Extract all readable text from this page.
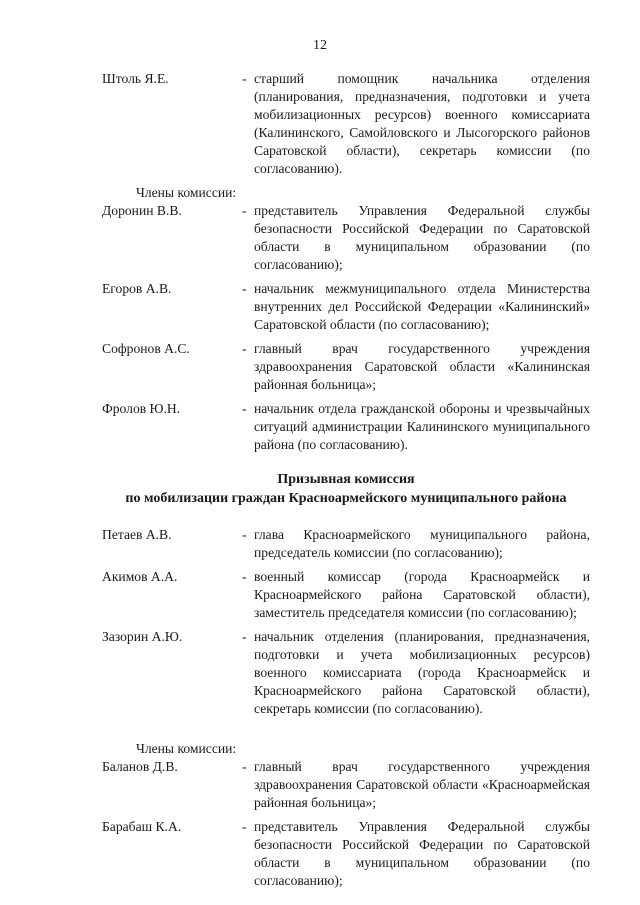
12
Штоль Я.Е.	- старший помощник начальника отделения (планирования, предназначения, подготовки и учета мобилизационных ресурсов) военного комиссариата (Калининского, Самойловского и Лысогорского районов Саратовской области), секретарь комиссии (по согласованию).
Члены комиссии:
Доронин В.В.	- представитель Управления Федеральной службы безопасности Российской Федерации по Саратовской области в муниципальном образовании (по согласованию);
Егоров А.В.	- начальник межмуниципального отдела Министерства внутренних дел Российской Федерации «Калининский» Саратовской области (по согласованию);
Софронов А.С.	- главный врач государственного учреждения здравоохранения Саратовской области «Калининская районная больница»;
Фролов Ю.Н.	- начальник отдела гражданской обороны и чрезвычайных ситуаций администрации Калининского муниципального района (по согласованию).
Призывная комиссия
по мобилизации граждан Красноармейского муниципального района
Петаев А.В.	- глава Красноармейского муниципального района, председатель комиссии (по согласованию);
Акимов А.А.	- военный комиссар (города Красноармейск и Красноармейского района Саратовской области), заместитель председателя комиссии (по согласованию);
Зазорин А.Ю.	- начальник отделения (планирования, предназначения, подготовки и учета мобилизационных ресурсов) военного комиссариата (города Красноармейск и Красноармейского района Саратовской области), секретарь комиссии (по согласованию).
Члены комиссии:
Баланов Д.В.	- главный врач государственного учреждения здравоохранения Саратовской области «Красноармейская районная больница»;
Барабаш К.А.	- представитель Управления Федеральной службы безопасности Российской Федерации по Саратовской области в муниципальном образовании (по согласованию);
